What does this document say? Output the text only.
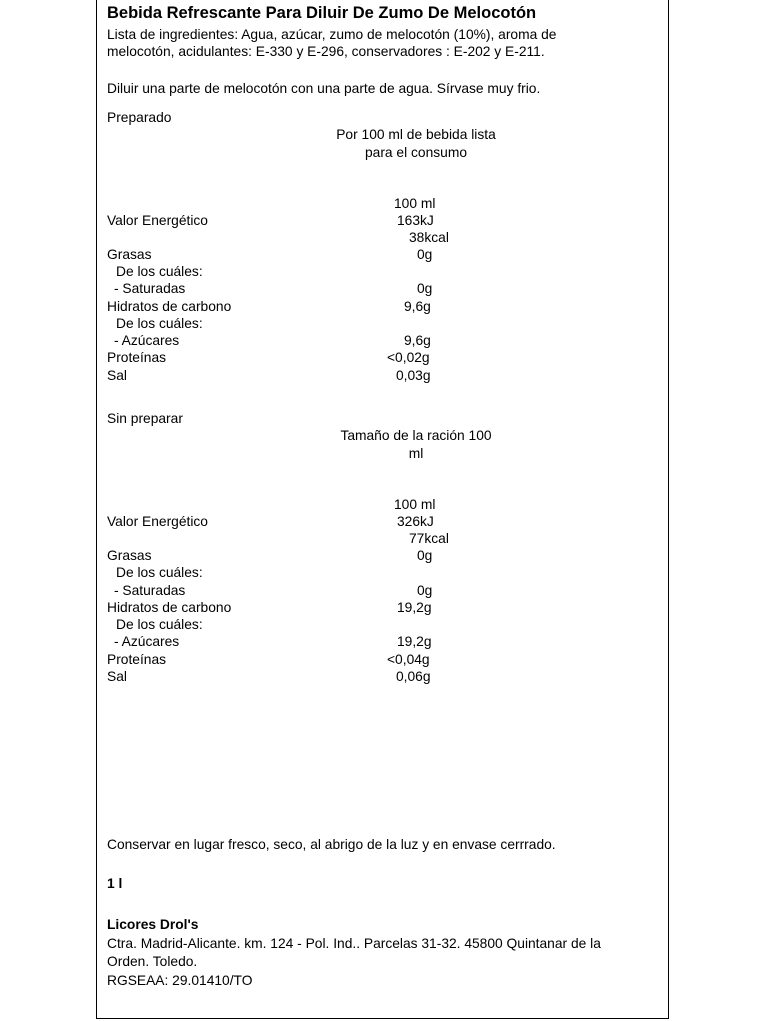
Bebida Refrescante Para Diluir De Zumo De Melocotón
Lista de ingredientes: Agua, azúcar, zumo de melocotón (10%), aroma de
melocotón, acidulantes: E-330 y E-296, conservadores : E-202 y E-211.
Diluir una parte de melocotón con una parte de agua. Sírvase muy frio.
Preparado
Por 100 ml de bebida lista
para el consumo
100 ml
Valor Energético	163kJ
38kcal
Grasas	0g
De los cuáles:
- Saturadas	0g
Hidratos de carbono	9,6g
De los cuáles:
- Azúcares	9,6g
Proteínas	<0,02g
Sal	0,03g
Sin preparar
Tamaño de la ración 100
ml
100 ml
Valor Energético	326kJ
77kcal
Grasas	0g
De los cuáles:
- Saturadas	0g
Hidratos de carbono	19,2g
De los cuáles:
- Azúcares	19,2g
Proteínas	<0,04g
Sal	0,06g
Conservar en lugar fresco, seco, al abrigo de la luz y en envase cerrrado.
1 l
Licores Drol's
Ctra. Madrid-Alicante. km. 124 - Pol. Ind.. Parcelas 31-32. 45800 Quintanar de la
Orden. Toledo.
RGSEAA: 29.01410/TO
